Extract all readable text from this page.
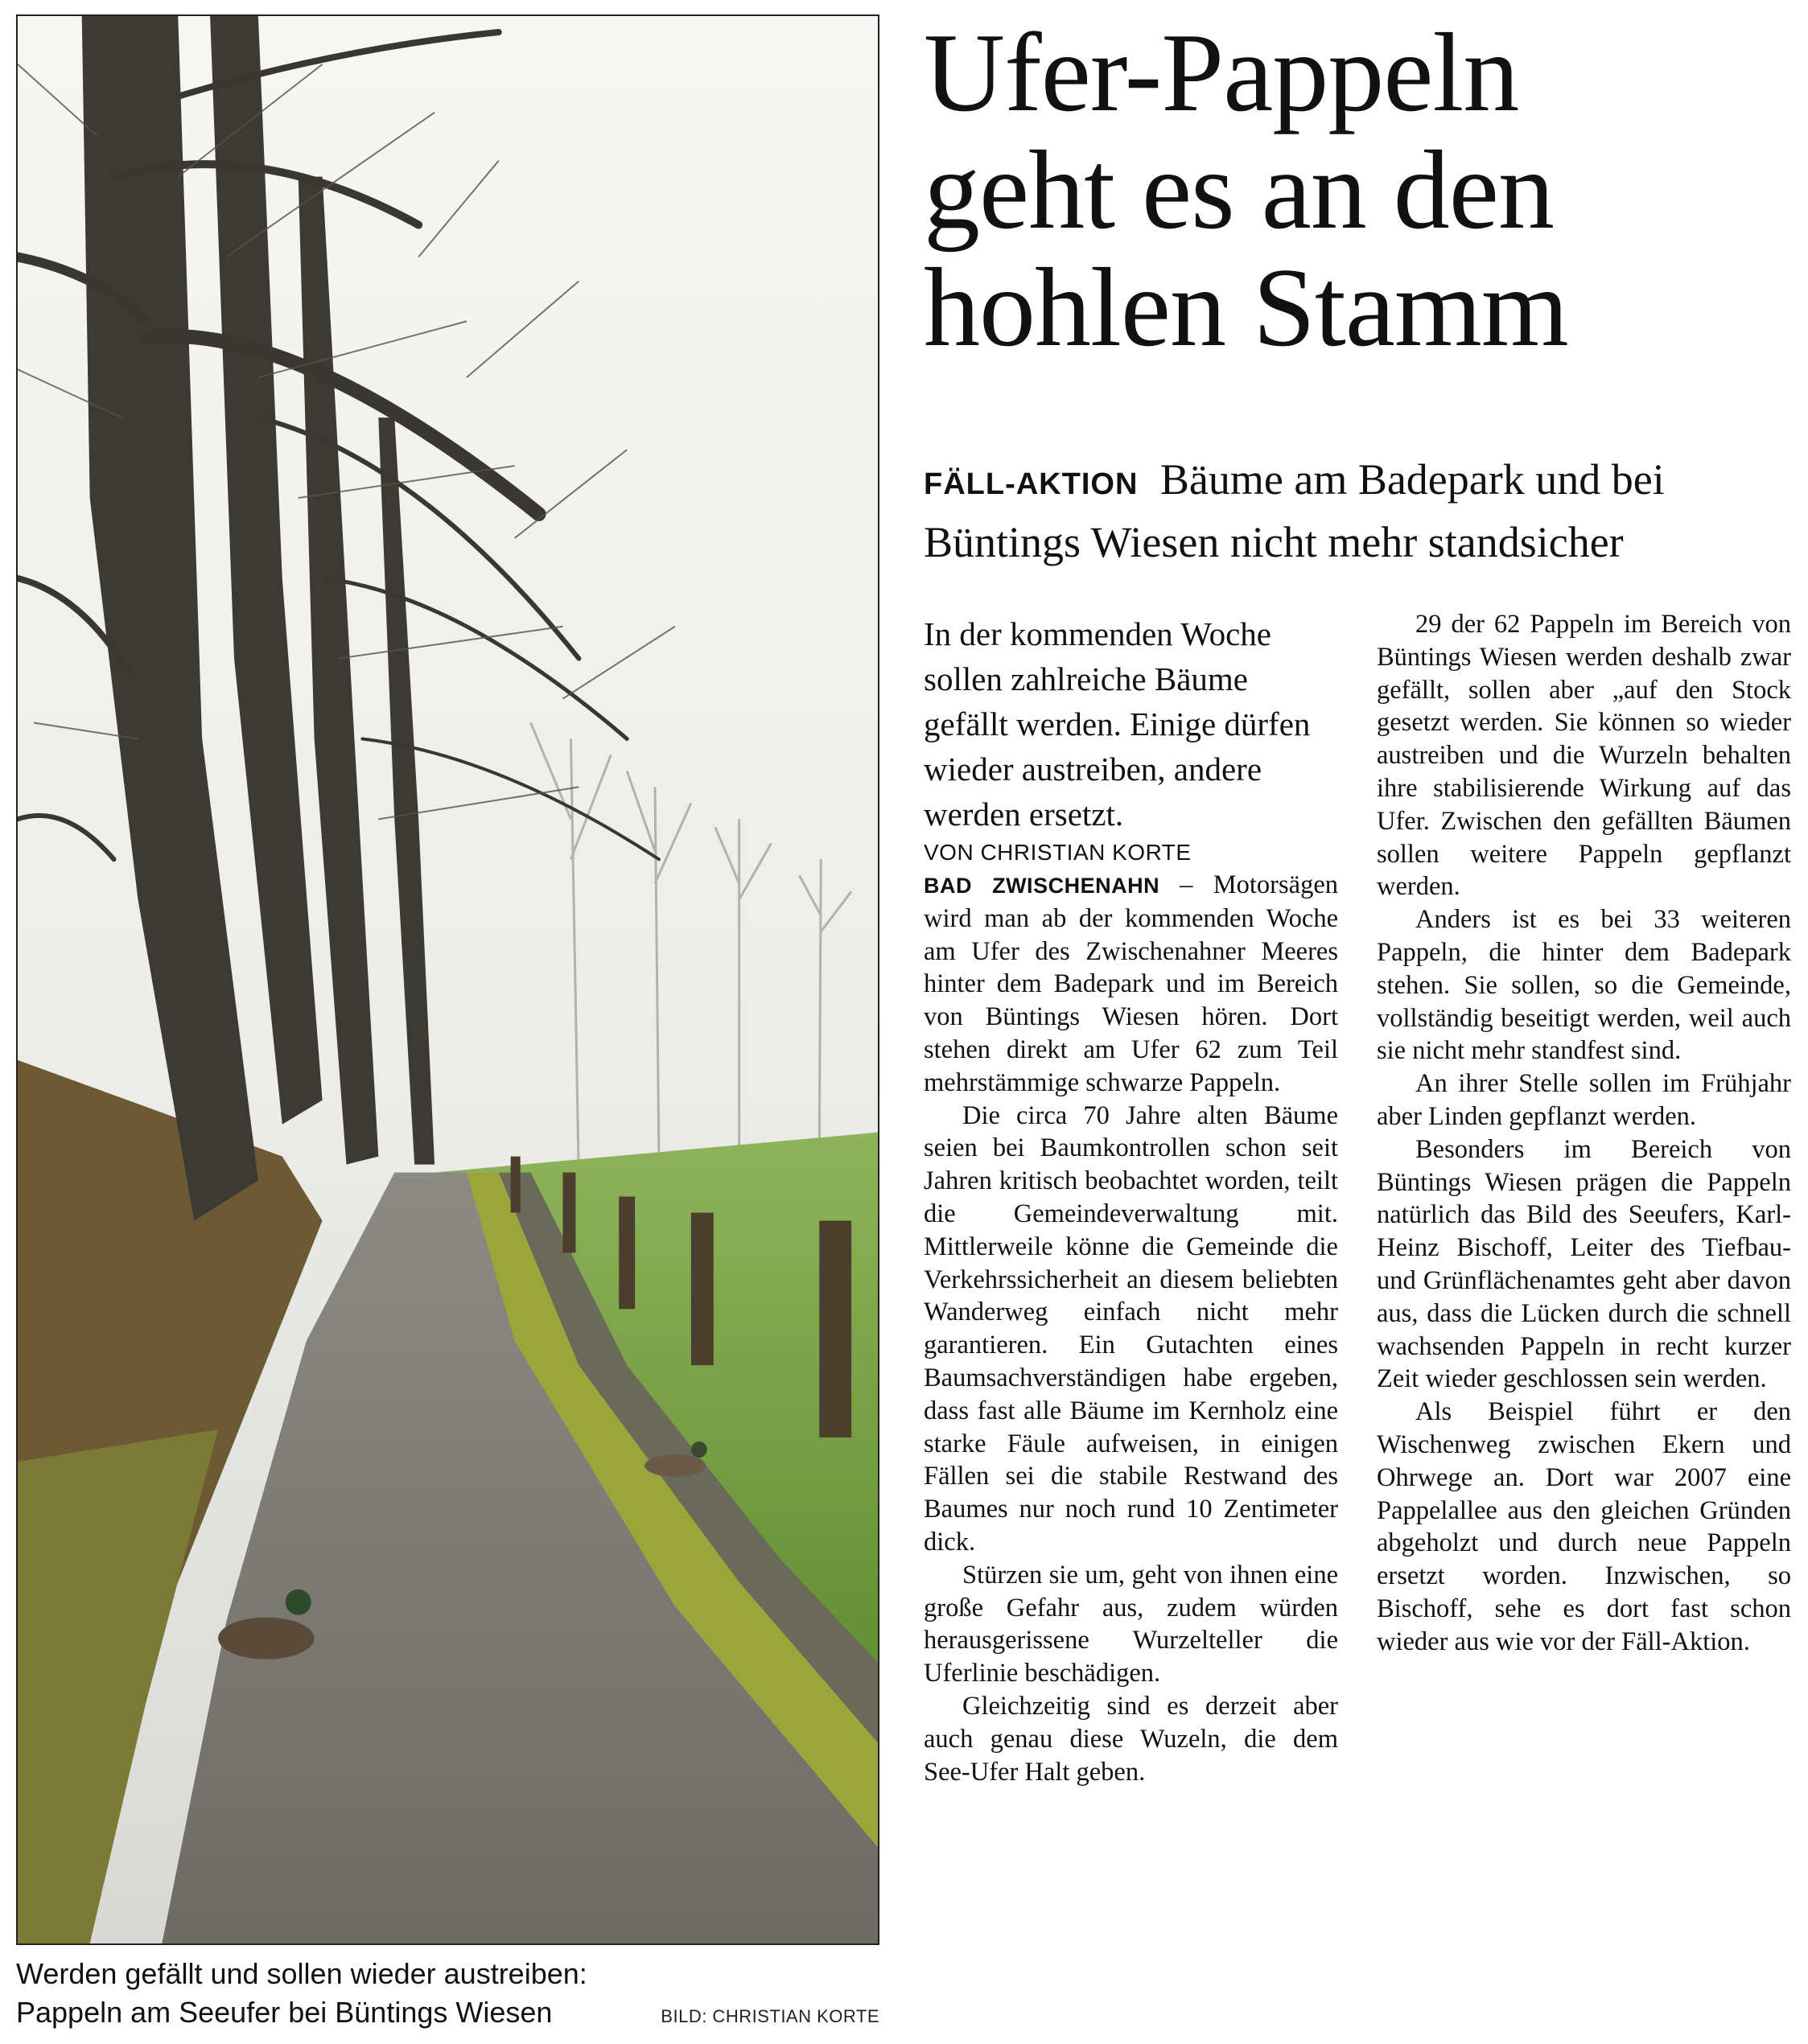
Werden gefällt und sollen wieder austreiben: Pappeln am Seeufer bei Büntings Wiesen	BILD: CHRISTIAN KORTE
Ufer-Pappeln
geht es an den
hohlen Stamm
FÄLL-AKTION Bäume am Badepark und bei Büntings Wiesen nicht mehr standsicher

In der kommenden Woche sollen zahlreiche Bäume gefällt werden. Einige dürfen wieder austreiben, andere werden ersetzt.

VON CHRISTIAN KORTE

BAD ZWISCHENAHN – Motorsägen wird man ab der kommenden Woche am Ufer des Zwischenahner Meeres hinter dem Badepark und im Bereich von Büntings Wiesen hören. Dort stehen direkt am Ufer 62 zum Teil mehrstämmige schwarze Pappeln.

Die circa 70 Jahre alten Bäume seien bei Baumkontrollen schon seit Jahren kritisch beobachtet worden, teilt die Gemeindeverwaltung mit. Mittlerweile könne die Gemeinde die Verkehrssicherheit an diesem beliebten Wanderweg einfach nicht mehr garantieren. Ein Gutachten eines Baumsachverständigen habe ergeben, dass fast alle Bäume im Kernholz eine starke Fäule aufweisen, in einigen Fällen sei die stabile Restwand des Baumes nur noch rund 10 Zentimeter dick.

Stürzen sie um, geht von ihnen eine große Gefahr aus, zudem würden herausgerissene Wurzelteller die Uferlinie beschädigen.

Gleichzeitig sind es derzeit aber auch genau diese Wuzeln, die dem See-Ufer Halt geben.

29 der 62 Pappeln im Bereich von Büntings Wiesen werden deshalb zwar gefällt, sollen aber „auf den Stock gesetzt werden. Sie können so wieder austreiben und die Wurzeln behalten ihre stabilisierende Wirkung auf das Ufer. Zwischen den gefällten Bäumen sollen weitere Pappeln gepflanzt werden.

Anders ist es bei 33 weiteren Pappeln, die hinter dem Badepark stehen. Sie sollen, so die Gemeinde, vollständig beseitigt werden, weil auch sie nicht mehr standfest sind.

An ihrer Stelle sollen im Frühjahr aber Linden gepflanzt werden.

Besonders im Bereich von Büntings Wiesen prägen die Pappeln natürlich das Bild des Seeufers, Karl-Heinz Bischoff, Leiter des Tiefbau- und Grünflächenamtes geht aber davon aus, dass die Lücken durch die schnell wachsenden Pappeln in recht kurzer Zeit wieder geschlossen sein werden.

Als Beispiel führt er den Wischenweg zwischen Ekern und Ohrwege an. Dort war 2007 eine Pappelallee aus den gleichen Gründen abgeholzt und durch neue Pappeln ersetzt worden. Inzwischen, so Bischoff, sehe es dort fast schon wieder aus wie vor der Fäll-Aktion.
